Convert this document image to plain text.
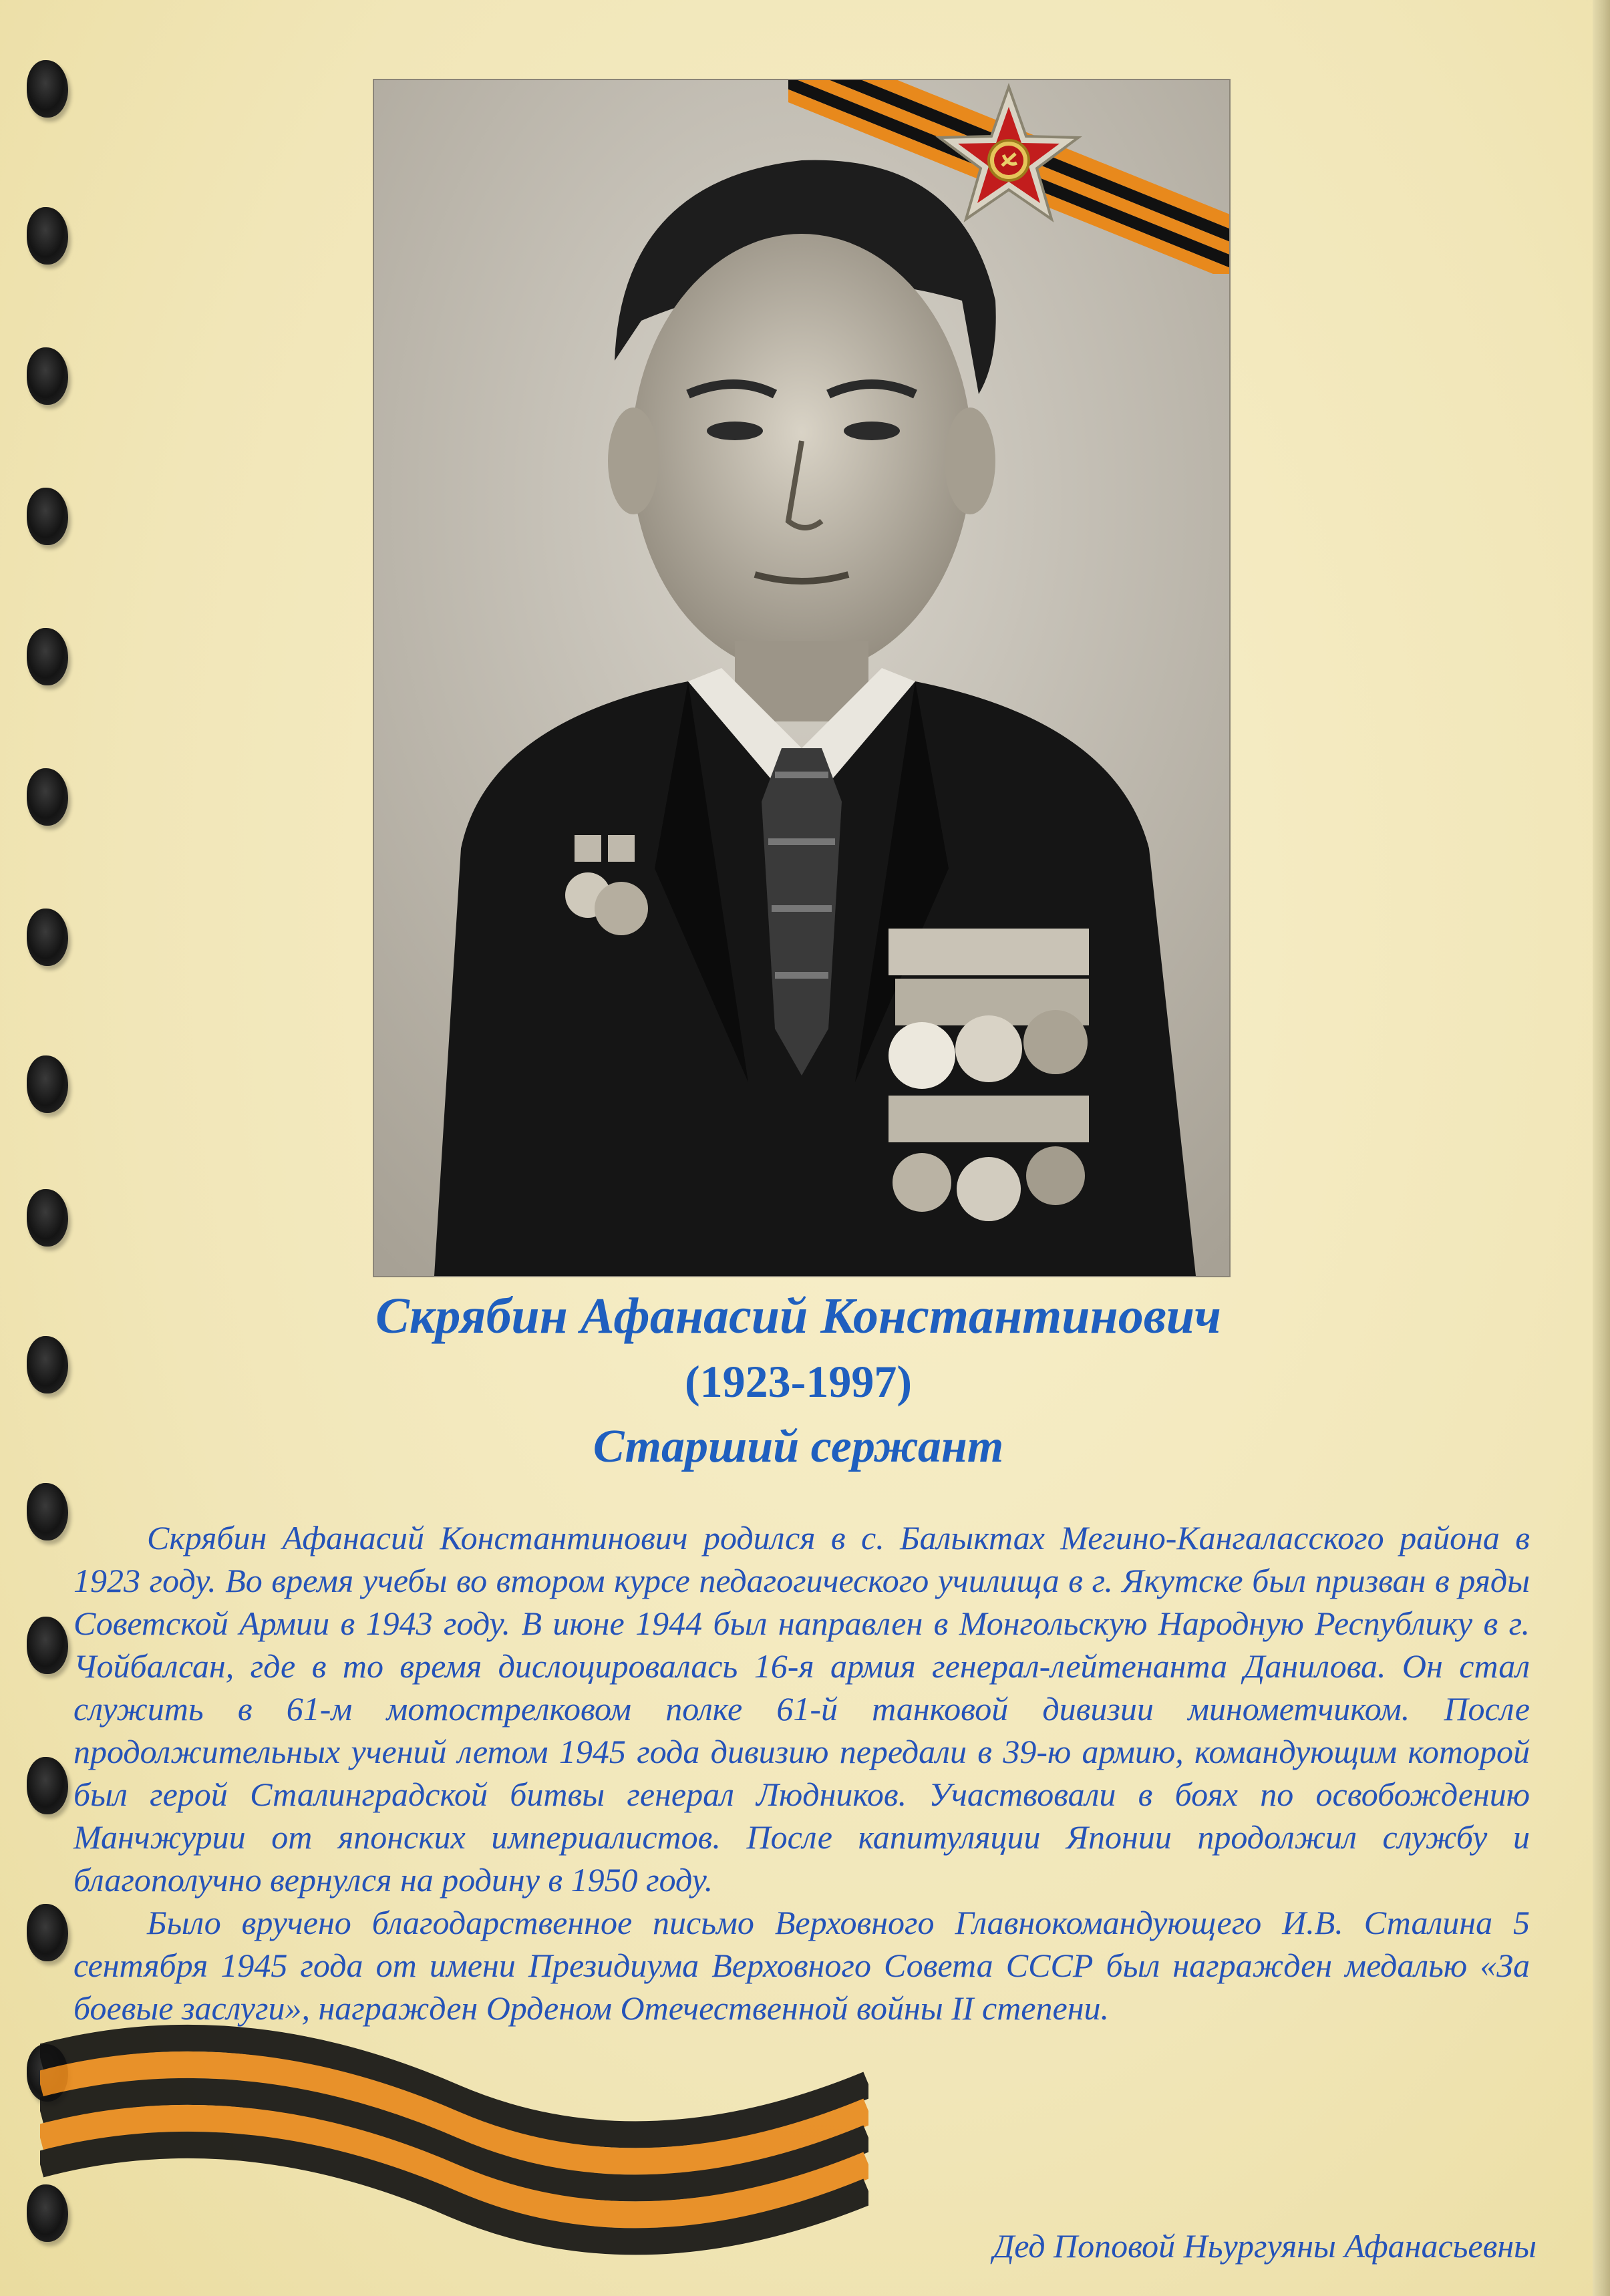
Скрябин Афанасий Константинович
(1923-1997)
Старший сержант

Скрябин Афанасий Константинович родился в с. Балыктах Мегино-Кангаласского района в 1923 году. Во время учебы во втором курсе педагогического училища в г. Якутске был призван в ряды Советской Армии в 1943 году. В июне 1944 был направлен в Монгольскую Народную Республику в г. Чойбалсан, где в то время дислоцировалась 16-я армия генерал-лейтенанта Данилова. Он стал служить в 61-м мотострелковом полке 61-й танковой дивизии минометчиком. После продолжительных учений летом 1945 года дивизию передали в 39-ю армию, командующим которой был герой Сталинградской битвы генерал Людников. Участвовали в боях по освобождению Манчжурии от японских империалистов. После капитуляции Японии продолжил службу и благополучно вернулся на родину в 1950 году.

Было вручено благодарственное письмо Верховного Главнокомандующего И.В. Сталина 5 сентября 1945 года от имени Президиума Верховного Совета СССР был награжден медалью «За боевые заслуги», награжден Орденом Отечественной войны II степени.

Дед Поповой Ньургуяны Афанасьевны
